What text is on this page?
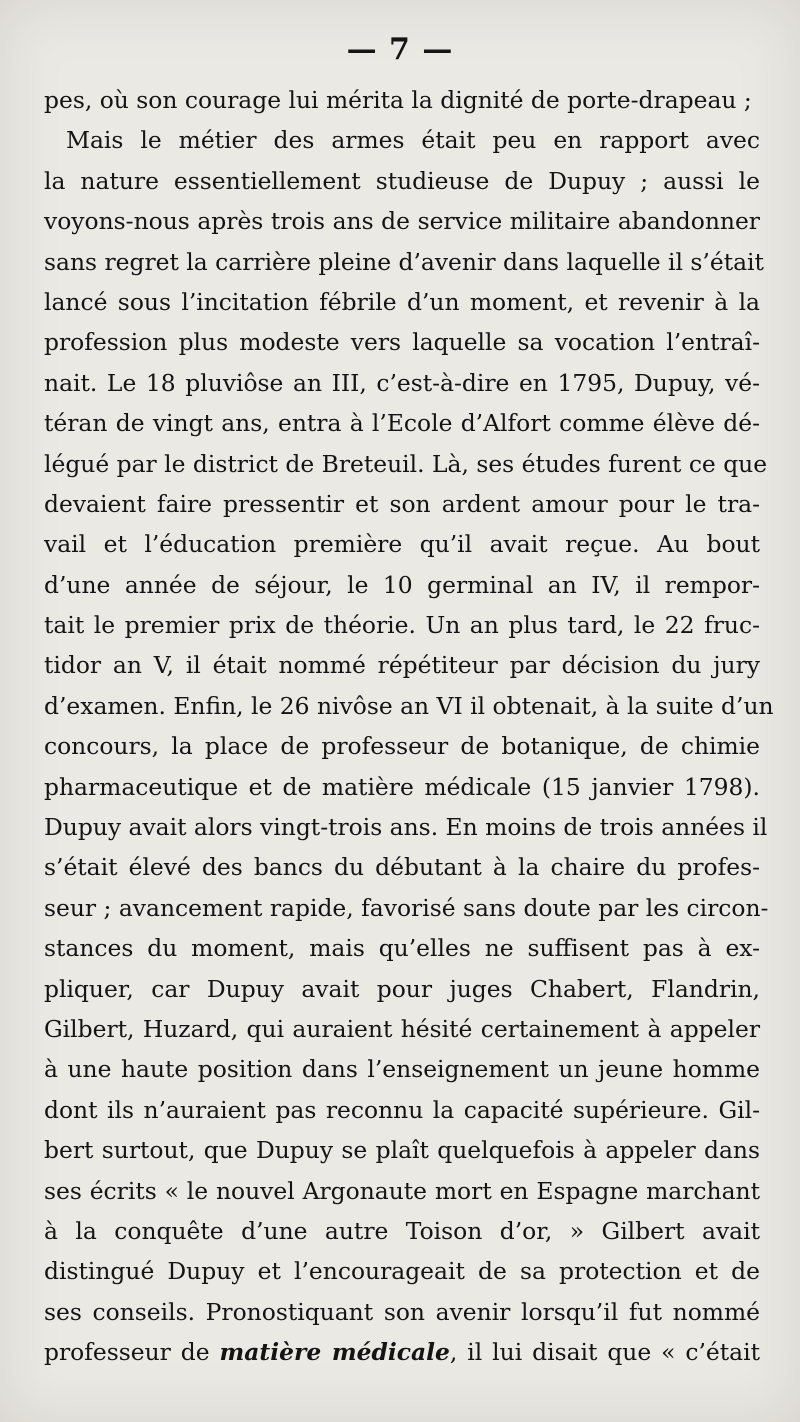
— 7 —
pes, où son courage lui mérita la dignité de porte-drapeau ;
Mais le métier des armes était peu en rapport avec
la nature essentiellement studieuse de Dupuy ; aussi le
voyons-nous après trois ans de service militaire abandonner
sans regret la carrière pleine d’avenir dans laquelle il s’était
lancé sous l’incitation fébrile d’un moment, et revenir à la
profession plus modeste vers laquelle sa vocation l’entraî-
nait. Le 18 pluviôse an III, c’est-à-dire en 1795, Dupuy, vé-
téran de vingt ans, entra à l’Ecole d’Alfort comme élève dé-
légué par le district de Breteuil. Là, ses études furent ce que
devaient faire pressentir et son ardent amour pour le tra-
vail et l’éducation première qu’il avait reçue. Au bout
d’une année de séjour, le 10 germinal an IV, il rempor-
tait le premier prix de théorie. Un an plus tard, le 22 fruc-
tidor an V, il était nommé répétiteur par décision du jury
d’examen. Enfin, le 26 nivôse an VI il obtenait, à la suite d’un
concours, la place de professeur de botanique, de chimie
pharmaceutique et de matière médicale (15 janvier 1798).
Dupuy avait alors vingt-trois ans. En moins de trois années il
s’était élevé des bancs du débutant à la chaire du profes-
seur ; avancement rapide, favorisé sans doute par les circon-
stances du moment, mais qu’elles ne suffisent pas à ex-
pliquer, car Dupuy avait pour juges Chabert, Flandrin,
Gilbert, Huzard, qui auraient hésité certainement à appeler
à une haute position dans l’enseignement un jeune homme
dont ils n’auraient pas reconnu la capacité supérieure. Gil-
bert surtout, que Dupuy se plaît quelquefois à appeler dans
ses écrits « le nouvel Argonaute mort en Espagne marchant
à la conquête d’une autre Toison d’or, » Gilbert avait
distingué Dupuy et l’encourageait de sa protection et de
ses conseils. Pronostiquant son avenir lorsqu’il fut nommé
professeur de matière médicale, il lui disait que « c’était
